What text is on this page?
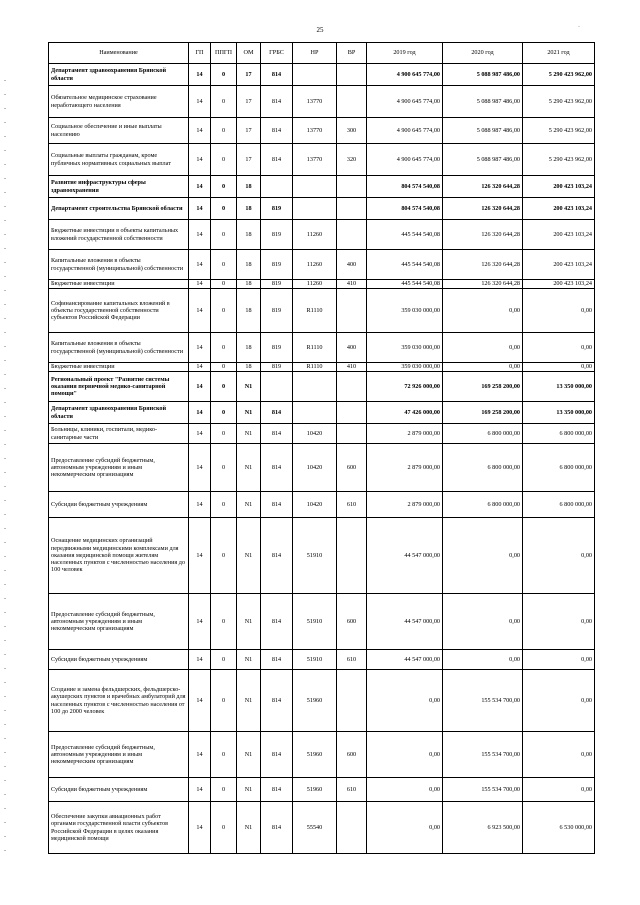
25	-
Наименование	ГП	ППГП	ОМ	ГРБС	НР	ВР	2019 год	2020 год	2021 год
Департамент здравоохранения Брянской области	14	0	17	814			4 900 645 774,00	5 088 987 486,00	5 290 423 962,00
Обязательное медицинское страхование неработающего населения	14	0	17	814	13770		4 900 645 774,00	5 088 987 486,00	5 290 423 962,00
Социальное обеспечение и иные выплаты населению	14	0	17	814	13770	300	4 900 645 774,00	5 088 987 486,00	5 290 423 962,00
Социальные выплаты гражданам, кроме публичных нормативных социальных выплат	14	0	17	814	13770	320	4 900 645 774,00	5 088 987 486,00	5 290 423 962,00
Развитие инфраструктуры сферы здравоохранения	14	0	18				804 574 540,08	126 320 644,28	200 423 103,24
Департамент строительства Брянской области	14	0	18	819			804 574 540,08	126 320 644,28	200 423 103,24
Бюджетные инвестиции в объекты капитальных вложений государственной собственности	14	0	18	819	11260		445 544 540,08	126 320 644,28	200 423 103,24
Капитальные вложения в объекты государственной (муниципальной) собственности	14	0	18	819	11260	400	445 544 540,08	126 320 644,28	200 423 103,24
Бюджетные инвестиции	14	0	18	819	11260	410	445 544 540,08	126 320 644,28	200 423 103,24
Софинансирование капитальных вложений в объекты государственной собственности субъектов Российской Федерации	14	0	18	819	R1110		359 030 000,00	0,00	0,00
Капитальные вложения в объекты государственной (муниципальной) собственности	14	0	18	819	R1110	400	359 030 000,00	0,00	0,00
Бюджетные инвестиции	14	0	18	819	R1110	410	359 030 000,00	0,00	0,00
Региональный проект "Развитие системы оказания первичной медико-санитарной помощи"	14	0	N1				72 926 000,00	169 258 200,00	13 350 000,00
Департамент здравоохранения Брянской области	14	0	N1	814			47 426 000,00	169 258 200,00	13 350 000,00
Больницы, клиники, госпитали, медико-санитарные части	14	0	N1	814	10420		2 879 000,00	6 800 000,00	6 800 000,00
Предоставление субсидий бюджетным, автономным учреждениям и иным некоммерческим организациям	14	0	N1	814	10420	600	2 879 000,00	6 800 000,00	6 800 000,00
Субсидии бюджетным учреждениям	14	0	N1	814	10420	610	2 879 000,00	6 800 000,00	6 800 000,00
Оснащение медицинских организаций передвижными медицинскими комплексами для оказания медицинской помощи жителям населенных пунктов с численностью населения до 100 человек	14	0	N1	814	51910		44 547 000,00	0,00	0,00
Предоставление субсидий бюджетным, автономным учреждениям и иным некоммерческим организациям	14	0	N1	814	51910	600	44 547 000,00	0,00	0,00
Субсидии бюджетным учреждениям	14	0	N1	814	51910	610	44 547 000,00	0,00	0,00
Создание и замена фельдшерских, фельдшерско-акушерских пунктов и врачебных амбулаторий для населенных пунктов с численностью населения от 100 до 2000 человек	14	0	N1	814	51960		0,00	155 534 700,00	0,00
Предоставление субсидий бюджетным, автономным учреждениям и иным некоммерческим организациям	14	0	N1	814	51960	600	0,00	155 534 700,00	0,00
Субсидии бюджетным учреждениям	14	0	N1	814	51960	610	0,00	155 534 700,00	0,00
Обеспечение закупки авиационных работ органами государственной власти субъектов Российской Федерации в целях оказания медицинской помощи	14	0	N1	814	55540		0,00	6 923 500,00	6 530 000,00
